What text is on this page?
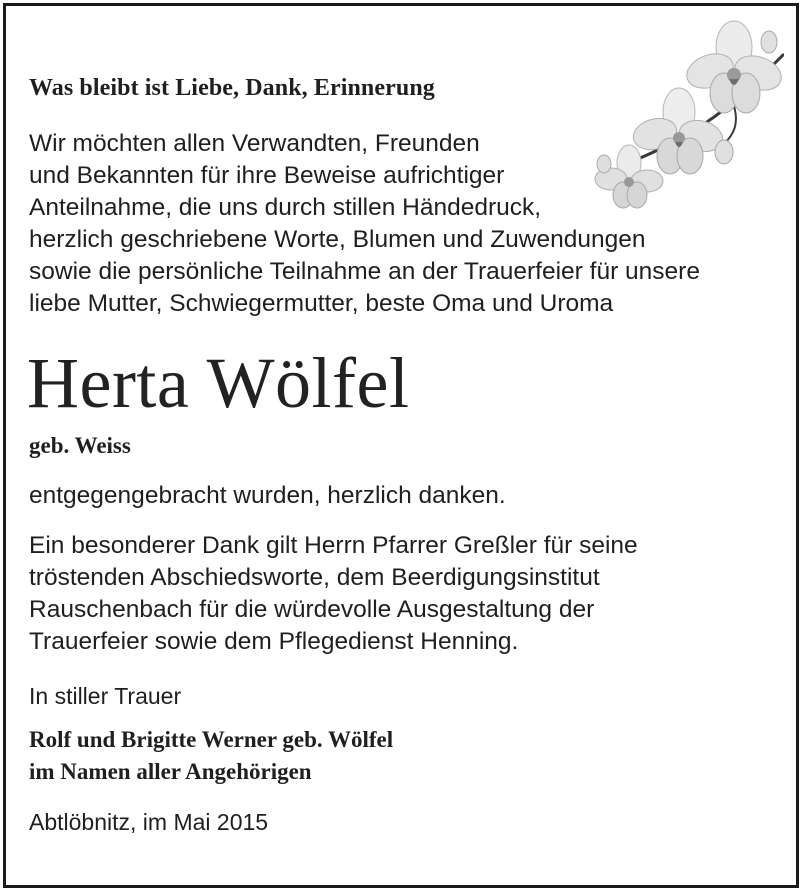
Was bleibt ist Liebe, Dank, Erinnerung

Wir möchten allen Verwandten, Freunden

und Bekannten für ihre Beweise aufrichtiger

Anteilnahme, die uns durch stillen Händedruck,

herzlich geschriebene Worte, Blumen und Zuwendungen

sowie die persönliche Teilnahme an der Trauerfeier für unsere

liebe Mutter, Schwiegermutter, beste Oma und Uroma

Herta Wölfel
geb. Weiss
entgegengebracht wurden, herzlich danken.

Ein besonderer Dank gilt Herrn Pfarrer Greßler für seine

tröstenden Abschiedsworte, dem Beerdigungsinstitut

Rauschenbach für die würdevolle Ausgestaltung der

Trauerfeier sowie dem Pflegedienst Henning.

In stiller Trauer

Rolf und Brigitte Werner geb. Wölfel

im Namen aller Angehörigen

Abtlöbnitz, im Mai 2015
